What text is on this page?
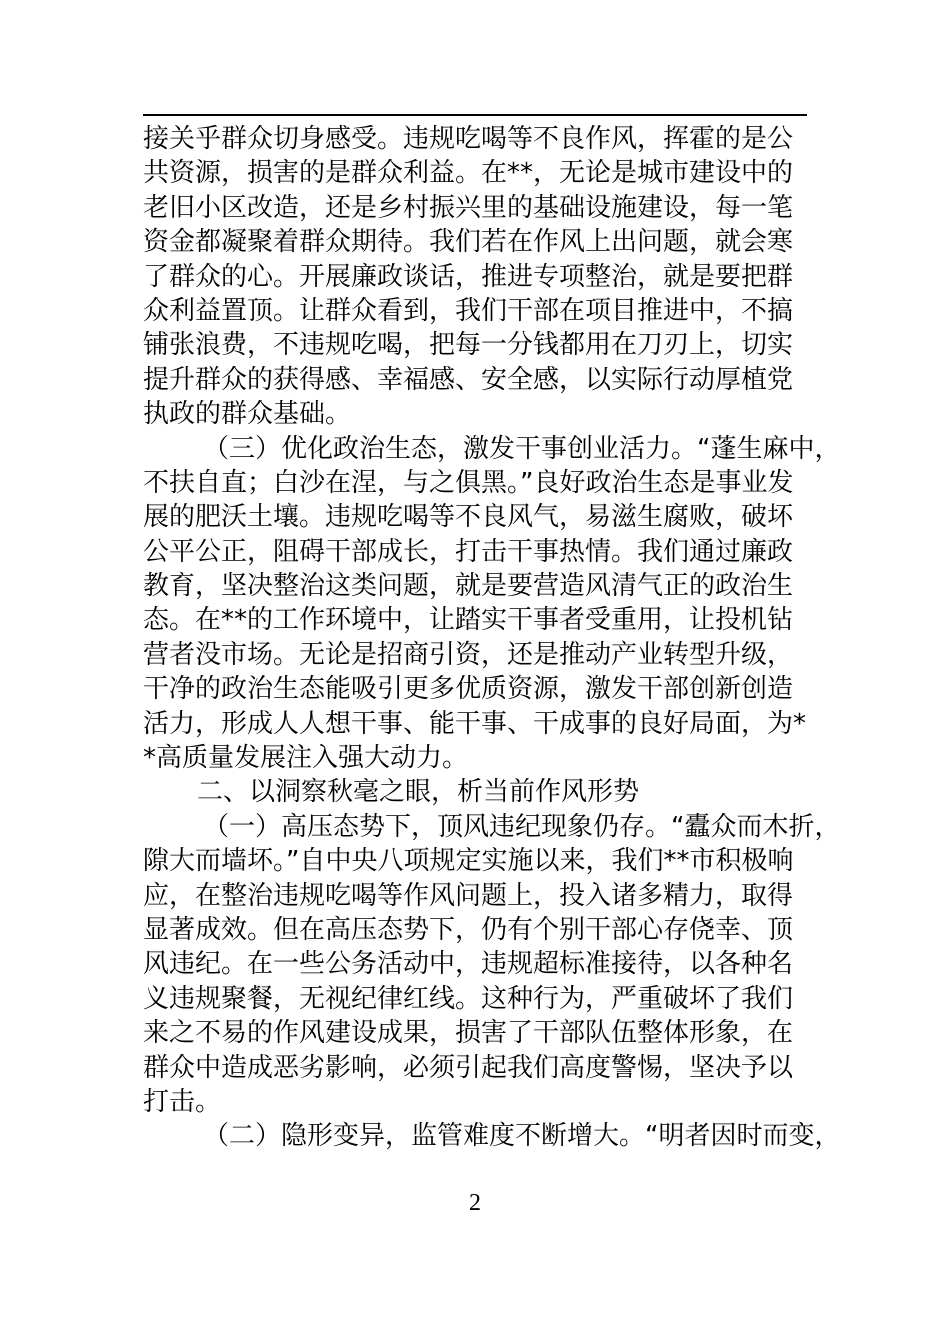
接关乎群众切身感受。违规吃喝等不良作风，挥霍的是公
共资源，损害的是群众利益。在**，无论是城市建设中的
老旧小区改造，还是乡村振兴里的基础设施建设，每一笔
资金都凝聚着群众期待。我们若在作风上出问题，就会寒
了群众的心。开展廉政谈话，推进专项整治，就是要把群
众利益置顶。让群众看到，我们干部在项目推进中，不搞
铺张浪费，不违规吃喝，把每一分钱都用在刀刃上，切实
提升群众的获得感、幸福感、安全感，以实际行动厚植党
执政的群众基础。
（三）优化政治生态，激发干事创业活力。“蓬生麻中，
不扶自直；白沙在涅，与之俱黑。”良好政治生态是事业发
展的肥沃土壤。违规吃喝等不良风气，易滋生腐败，破坏
公平公正，阻碍干部成长，打击干事热情。我们通过廉政
教育，坚决整治这类问题，就是要营造风清气正的政治生
态。在**的工作环境中，让踏实干事者受重用，让投机钻
营者没市场。无论是招商引资，还是推动产业转型升级，
干净的政治生态能吸引更多优质资源，激发干部创新创造
活力，形成人人想干事、能干事、干成事的良好局面，为*
*高质量发展注入强大动力。
二、以洞察秋毫之眼，析当前作风形势
（一）高压态势下，顶风违纪现象仍存。“蠹众而木折，
隙大而墙坏。”自中央八项规定实施以来，我们**市积极响
应，在整治违规吃喝等作风问题上，投入诸多精力，取得
显著成效。但在高压态势下，仍有个别干部心存侥幸、顶
风违纪。在一些公务活动中，违规超标准接待，以各种名
义违规聚餐，无视纪律红线。这种行为，严重破坏了我们
来之不易的作风建设成果，损害了干部队伍整体形象，在
群众中造成恶劣影响，必须引起我们高度警惕，坚决予以
打击。
（二）隐形变异，监管难度不断增大。“明者因时而变，
2
